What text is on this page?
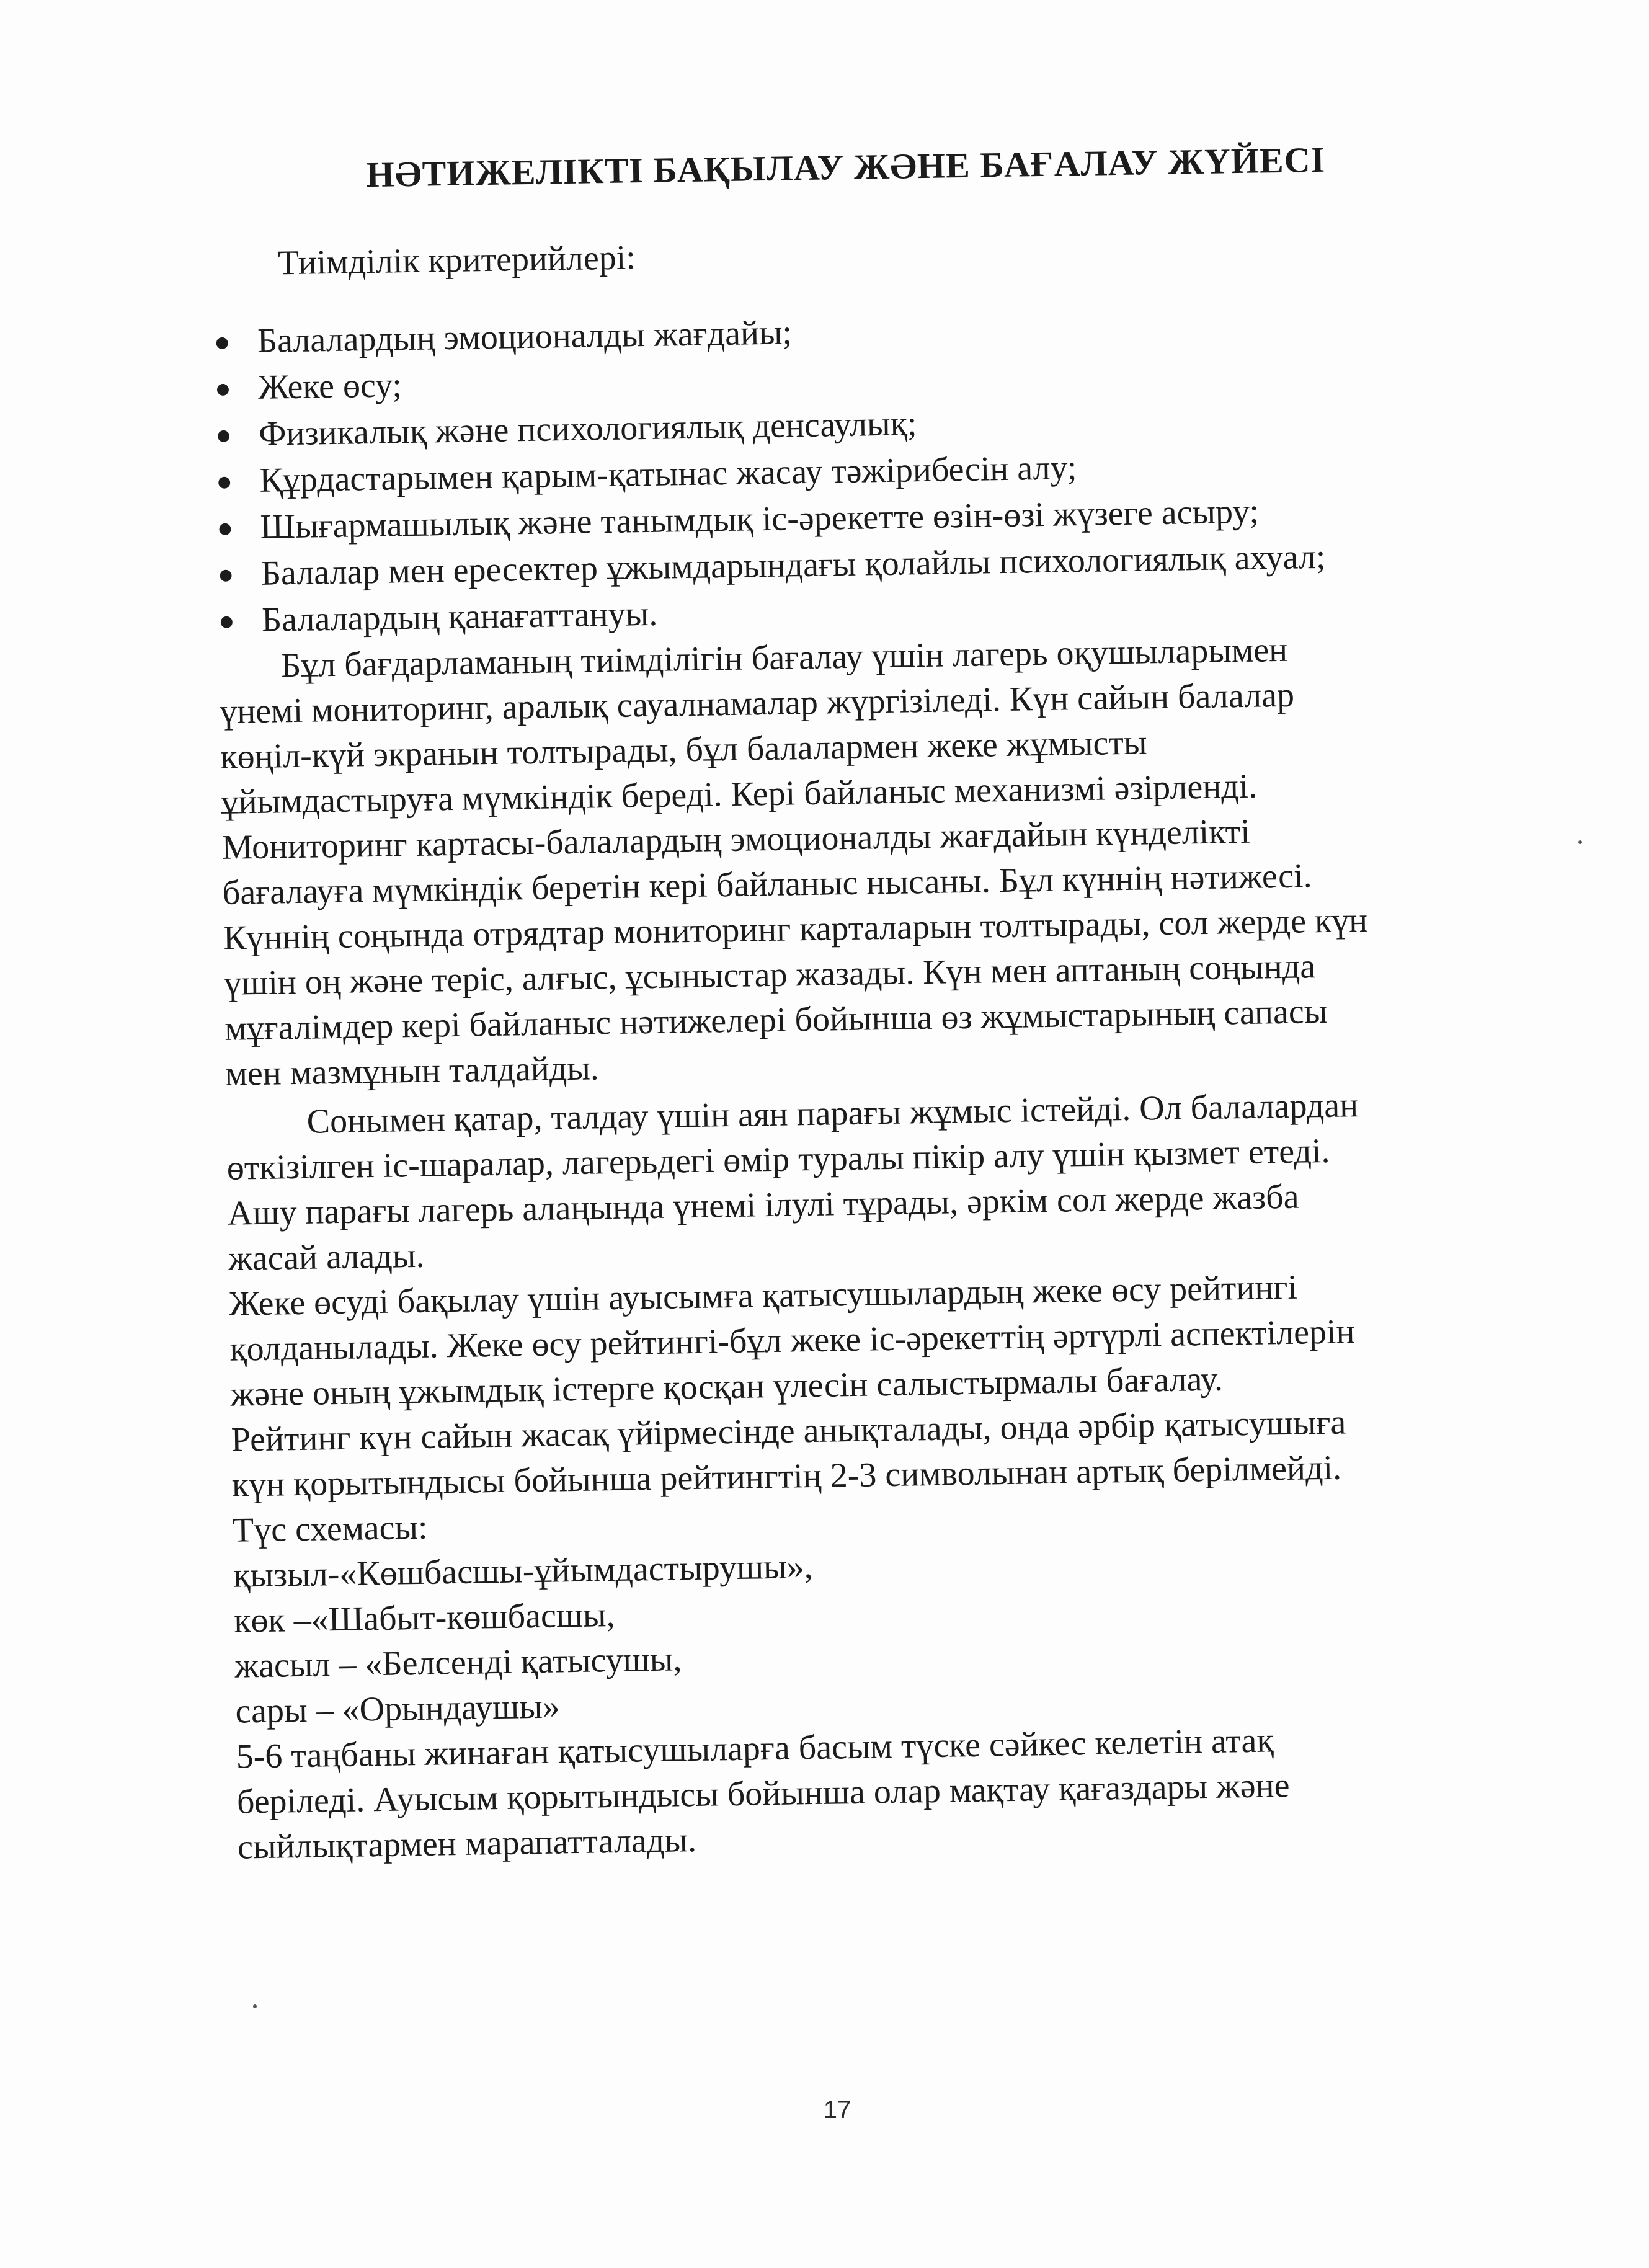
НӘТИЖЕЛІКТІ БАҚЫЛАУ ЖӘНЕ БАҒАЛАУ ЖҮЙЕСІ

Тиімділік критерийлері:

● Балалардың эмоционалды жағдайы;
● Жеке өсу;
● Физикалық және психологиялық денсаулық;
● Құрдастарымен қарым-қатынас жасау тәжірибесін алу;
● Шығармашылық және танымдық іс-әрекетте өзін-өзі жүзеге асыру;
● Балалар мен ересектер ұжымдарындағы қолайлы психологиялық ахуал;
● Балалардың қанағаттануы.

Бұл бағдарламаның тиімділігін бағалау үшін лагерь оқушыларымен
үнемі мониторинг, аралық сауалнамалар жүргізіледі. Күн сайын балалар
көңіл-күй экранын толтырады, бұл балалармен жеке жұмысты
ұйымдастыруға мүмкіндік береді. Кері байланыс механизмі әзірленді.
Мониторинг картасы-балалардың эмоционалды жағдайын күнделікті
бағалауға мүмкіндік беретін кері байланыс нысаны. Бұл күннің нәтижесі.
Күннің соңында отрядтар мониторинг карталарын толтырады, сол жерде күн
үшін оң және теріс, алғыс, ұсыныстар жазады. Күн мен аптаның соңында
мұғалімдер кері байланыс нәтижелері бойынша өз жұмыстарының сапасы
мен мазмұнын талдайды.

Сонымен қатар, талдау үшін аян парағы жұмыс істейді. Ол балалардан
өткізілген іс-шаралар, лагерьдегі өмір туралы пікір алу үшін қызмет етеді.
Ашу парағы лагерь алаңында үнемі ілулі тұрады, әркім сол жерде жазба
жасай алады.

Жеке өсуді бақылау үшін ауысымға қатысушылардың жеке өсу рейтингі
қолданылады. Жеке өсу рейтингі-бұл жеке іс-әрекеттің әртүрлі аспектілерін
және оның ұжымдық істерге қосқан үлесін салыстырмалы бағалау.
Рейтинг күн сайын жасақ үйірмесінде анықталады, онда әрбір қатысушыға
күн қорытындысы бойынша рейтингтің 2-3 символынан артық берілмейді.

Түс схемасы:

қызыл-«Көшбасшы-ұйымдастырушы»,
көк –«Шабыт-көшбасшы,
жасыл – «Белсенді қатысушы,
сары – «Орындаушы»

5-6 таңбаны жинаған қатысушыларға басым түске сәйкес келетін атақ
беріледі. Ауысым қорытындысы бойынша олар мақтау қағаздары және
сыйлықтармен марапатталады.

17
